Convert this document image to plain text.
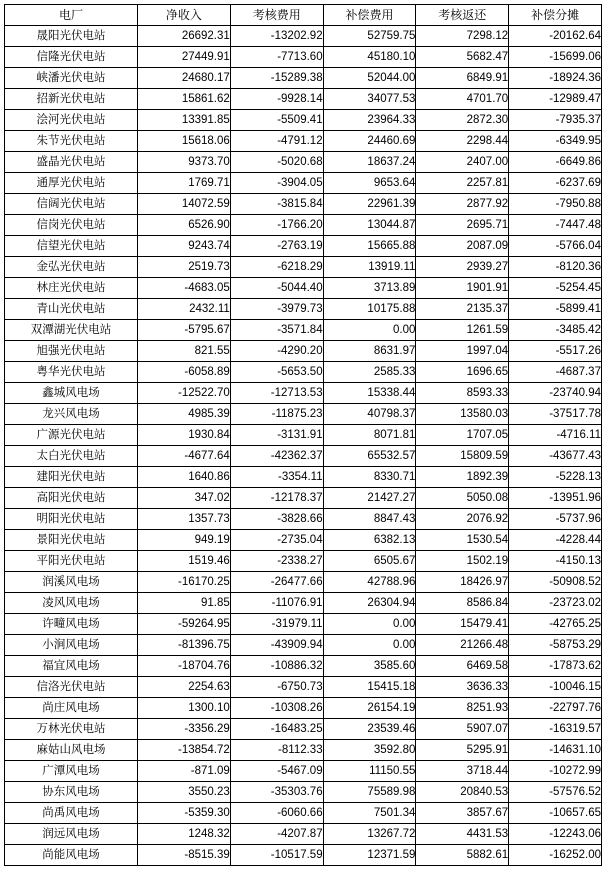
电厂	净收入	考核费用	补偿费用	考核返还	补偿分摊
晟阳光伏电站	26692.31	-13202.92	52759.75	7298.12	-20162.64
信隆光伏电站	27449.91	-7713.60	45180.10	5682.47	-15699.06
峡潘光伏电站	24680.17	-15289.38	52044.00	6849.91	-18924.36
招新光伏电站	15861.62	-9928.14	34077.53	4701.70	-12989.47
浍河光伏电站	13391.85	-5509.41	23964.33	2872.30	-7935.37
朱节光伏电站	15618.06	-4791.12	24460.69	2298.44	-6349.95
盛晶光伏电站	9373.70	-5020.68	18637.24	2407.00	-6649.86
通厚光伏电站	1769.71	-3904.05	9653.64	2257.81	-6237.69
信阔光伏电站	14072.59	-3815.84	22961.39	2877.92	-7950.88
信岗光伏电站	6526.90	-1766.20	13044.87	2695.71	-7447.48
信望光伏电站	9243.74	-2763.19	15665.88	2087.09	-5766.04
金弘光伏电站	2519.73	-6218.29	13919.11	2939.27	-8120.36
林庄光伏电站	-4683.05	-5044.40	3713.89	1901.91	-5254.45
青山光伏电站	2432.11	-3979.73	10175.88	2135.37	-5899.41
双潭湖光伏电站	-5795.67	-3571.84	0.00	1261.59	-3485.42
旭强光伏电站	821.55	-4290.20	8631.97	1997.04	-5517.26
粤华光伏电站	-6058.89	-5653.50	2585.33	1696.65	-4687.37
鑫城风电场	-12522.70	-12713.53	15338.44	8593.33	-23740.94
龙兴风电场	4985.39	-11875.23	40798.37	13580.03	-37517.78
广源光伏电站	1930.84	-3131.91	8071.81	1707.05	-4716.11
太白光伏电站	-4677.64	-42362.37	65532.57	15809.59	-43677.43
建阳光伏电站	1640.86	-3354.11	8330.71	1892.39	-5228.13
高阳光伏电站	347.02	-12178.37	21427.27	5050.08	-13951.96
明阳光伏电站	1357.73	-3828.66	8847.43	2076.92	-5737.96
景阳光伏电站	949.19	-2735.04	6382.13	1530.54	-4228.44
平阳光伏电站	1519.46	-2338.27	6505.67	1502.19	-4150.13
润溪风电场	-16170.25	-26477.66	42788.96	18426.97	-50908.52
凌风风电场	91.85	-11076.91	26304.94	8586.84	-23723.02
许疃风电场	-59264.95	-31979.11	0.00	15479.41	-42765.25
小涧风电场	-81396.75	-43909.94	0.00	21266.48	-58753.29
福宜风电场	-18704.76	-10886.32	3585.60	6469.58	-17873.62
信洛光伏电站	2254.63	-6750.73	15415.18	3636.33	-10046.15
尚庄风电场	1300.10	-10308.26	26154.19	8251.93	-22797.76
万林光伏电站	-3356.29	-16483.25	23539.46	5907.07	-16319.57
麻姑山风电场	-13854.72	-8112.33	3592.80	5295.91	-14631.10
广潭风电场	-871.09	-5467.09	11150.55	3718.44	-10272.99
协东风电场	3550.23	-35303.76	75589.98	20840.53	-57576.52
尚禹风电场	-5359.30	-6060.66	7501.34	3857.67	-10657.65
润远风电场	1248.32	-4207.87	13267.72	4431.53	-12243.06
尚能风电场	-8515.39	-10517.59	12371.59	5882.61	-16252.00
